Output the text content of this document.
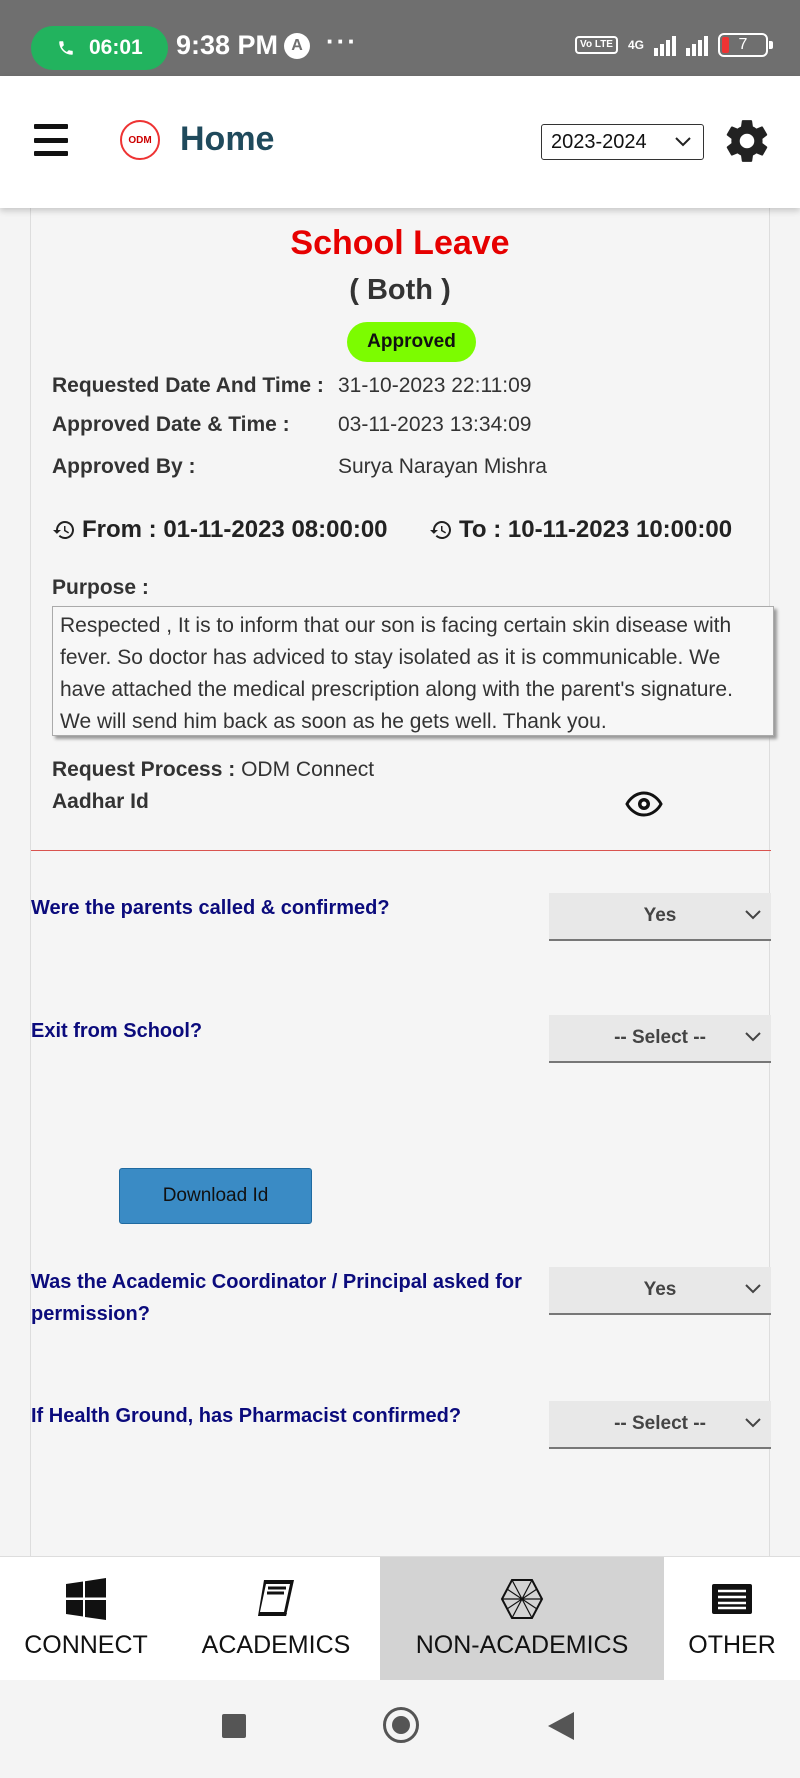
06:01 9:38 PM A ···	Vo LTE	4G	7
ODM Home	2023-2024
School Leave
( Both )
Approved
Requested Date And Time : 31-10-2023 22:11:09
Approved Date & Time : 03-11-2023 13:34:09
Approved By :	Surya Narayan Mishra
From : 01-11-2023 08:00:00	To : 10-11-2023 10:00:00
Purpose :
Respected , It is to inform that our son is facing certain skin disease with fever. So doctor has adviced to stay isolated as it is communicable. We have attached the medical prescription along with the parent's signature. We will send him back as soon as he gets well. Thank you.
Request Process : ODM Connect
Aadhar Id
Were the parents called & confirmed?	Yes
Exit from School?	-- Select --
Download Id
Was the Academic Coordinator / Principal asked for permission?
Yes
If Health Ground, has Pharmacist confirmed?	-- Select --
CONNECT ACADEMICS	NON-ACADEMICS OTHER
